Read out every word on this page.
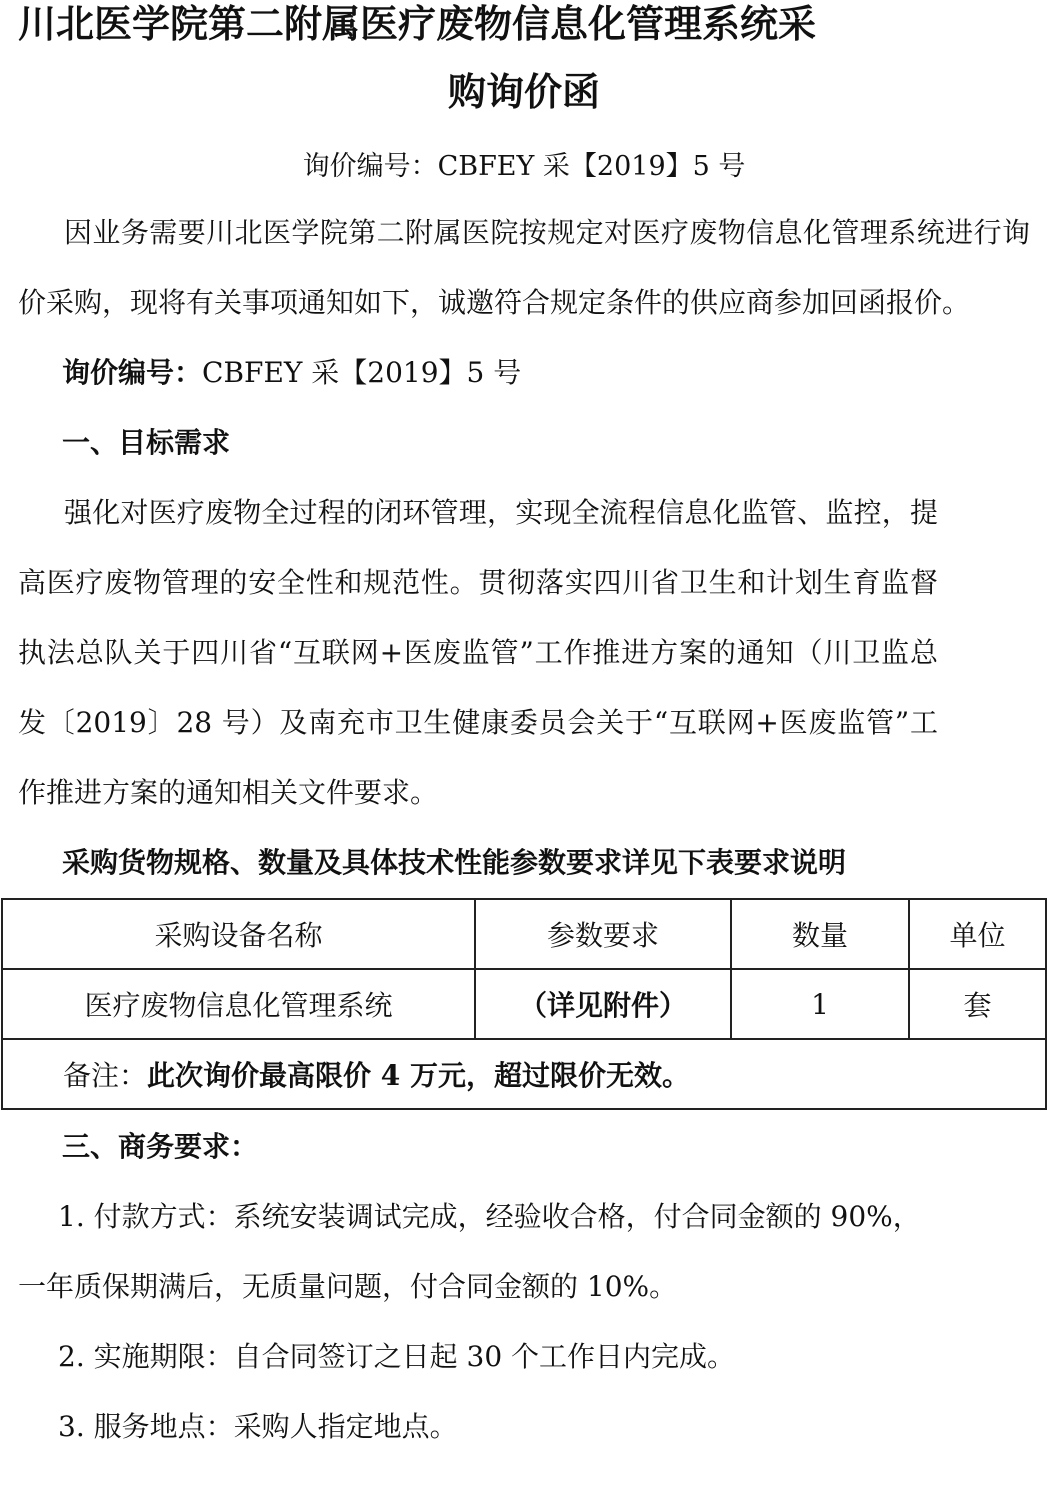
川北医学院第二附属医疗废物信息化管理系统采
购询价函

询价编号：CBFEY 采【2019】5 号

因业务需要川北医学院第二附属医院按规定对医疗废物信息化管理系统进行询价采购，现将有关事项通知如下，诚邀符合规定条件的供应商参加回函报价。

询价编号：CBFEY 采【2019】5 号

一、目标需求

强化对医疗废物全过程的闭环管理，实现全流程信息化监管、监控，提高医疗废物管理的安全性和规范性。贯彻落实四川省卫生和计划生育监督执法总队关于四川省“互联网+医废监管”工作推进方案的通知（川卫监总发〔2019〕28 号）及南充市卫生健康委员会关于“互联网+医废监管”工作推进方案的通知相关文件要求。

采购货物规格、数量及具体技术性能参数要求详见下表要求说明

采购设备名称	参数要求	数量	单位
医疗废物信息化管理系统	（详见附件）	1	套
备注：此次询价最高限价 4 万元，超过限价无效。			

三、商务要求：

1. 付款方式：系统安装调试完成，经验收合格，付合同金额的 90%，

一年质保期满后，无质量问题，付合同金额的 10%。

2. 实施期限：自合同签订之日起 30 个工作日内完成。

3. 服务地点：采购人指定地点。
